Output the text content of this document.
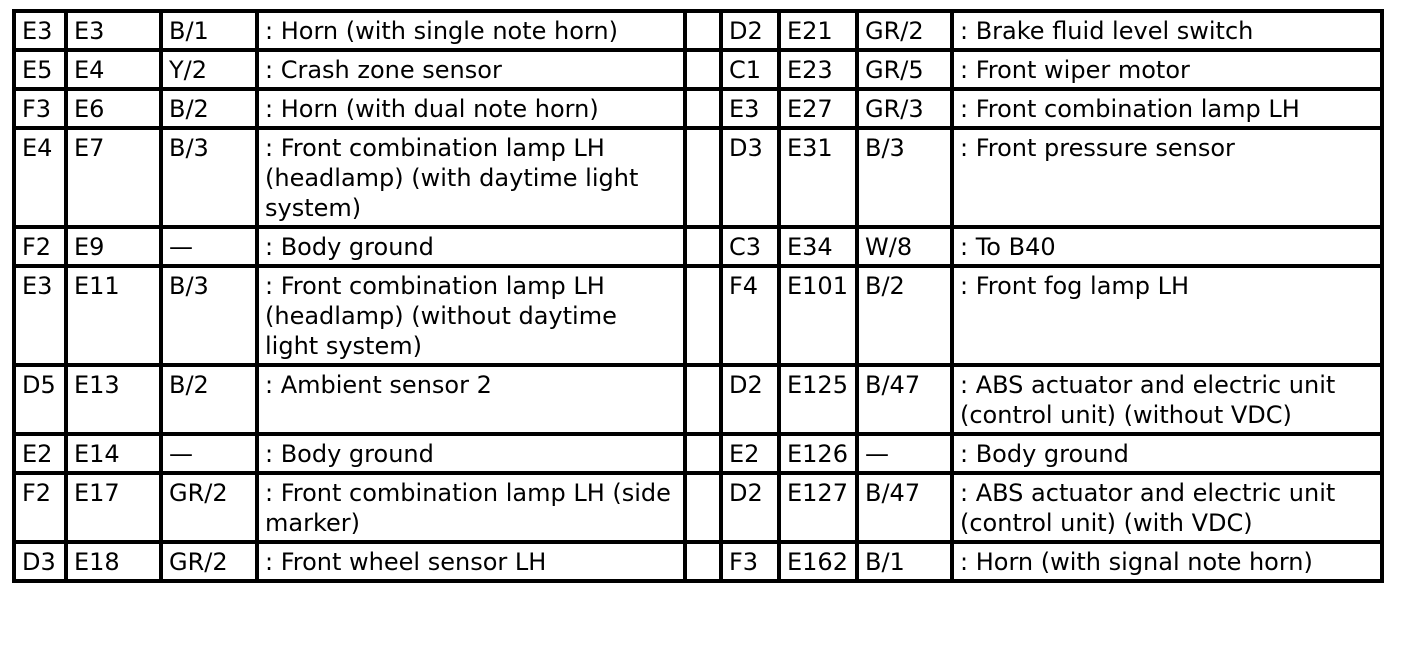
E3	E3	B/1	: Horn (with single note horn)		D2	E21	GR/2	: Brake fluid level switch
E5	E4	Y/2	: Crash zone sensor		C1	E23	GR/5	: Front wiper motor
F3	E6	B/2	: Horn (with dual note horn)		E3	E27	GR/3	: Front combination lamp LH
E4	E7	B/3	: Front combination lamp LH (headlamp) (with daytime light system)		D3	E31	B/3	: Front pressure sensor
F2	E9	—	: Body ground		C3	E34	W/8	: To B40
E3	E11	B/3	: Front combination lamp LH (headlamp) (without daytime light system)		F4	E101	B/2	: Front fog lamp LH
D5	E13	B/2	: Ambient sensor 2		D2	E125	B/47	: ABS actuator and electric unit (control unit) (without VDC)
E2	E14	—	: Body ground		E2	E126	—	: Body ground
F2	E17	GR/2	: Front combination lamp LH (side marker)		D2	E127	B/47	: ABS actuator and electric unit (control unit) (with VDC)
D3	E18	GR/2	: Front wheel sensor LH		F3	E162	B/1	: Horn (with signal note horn)
